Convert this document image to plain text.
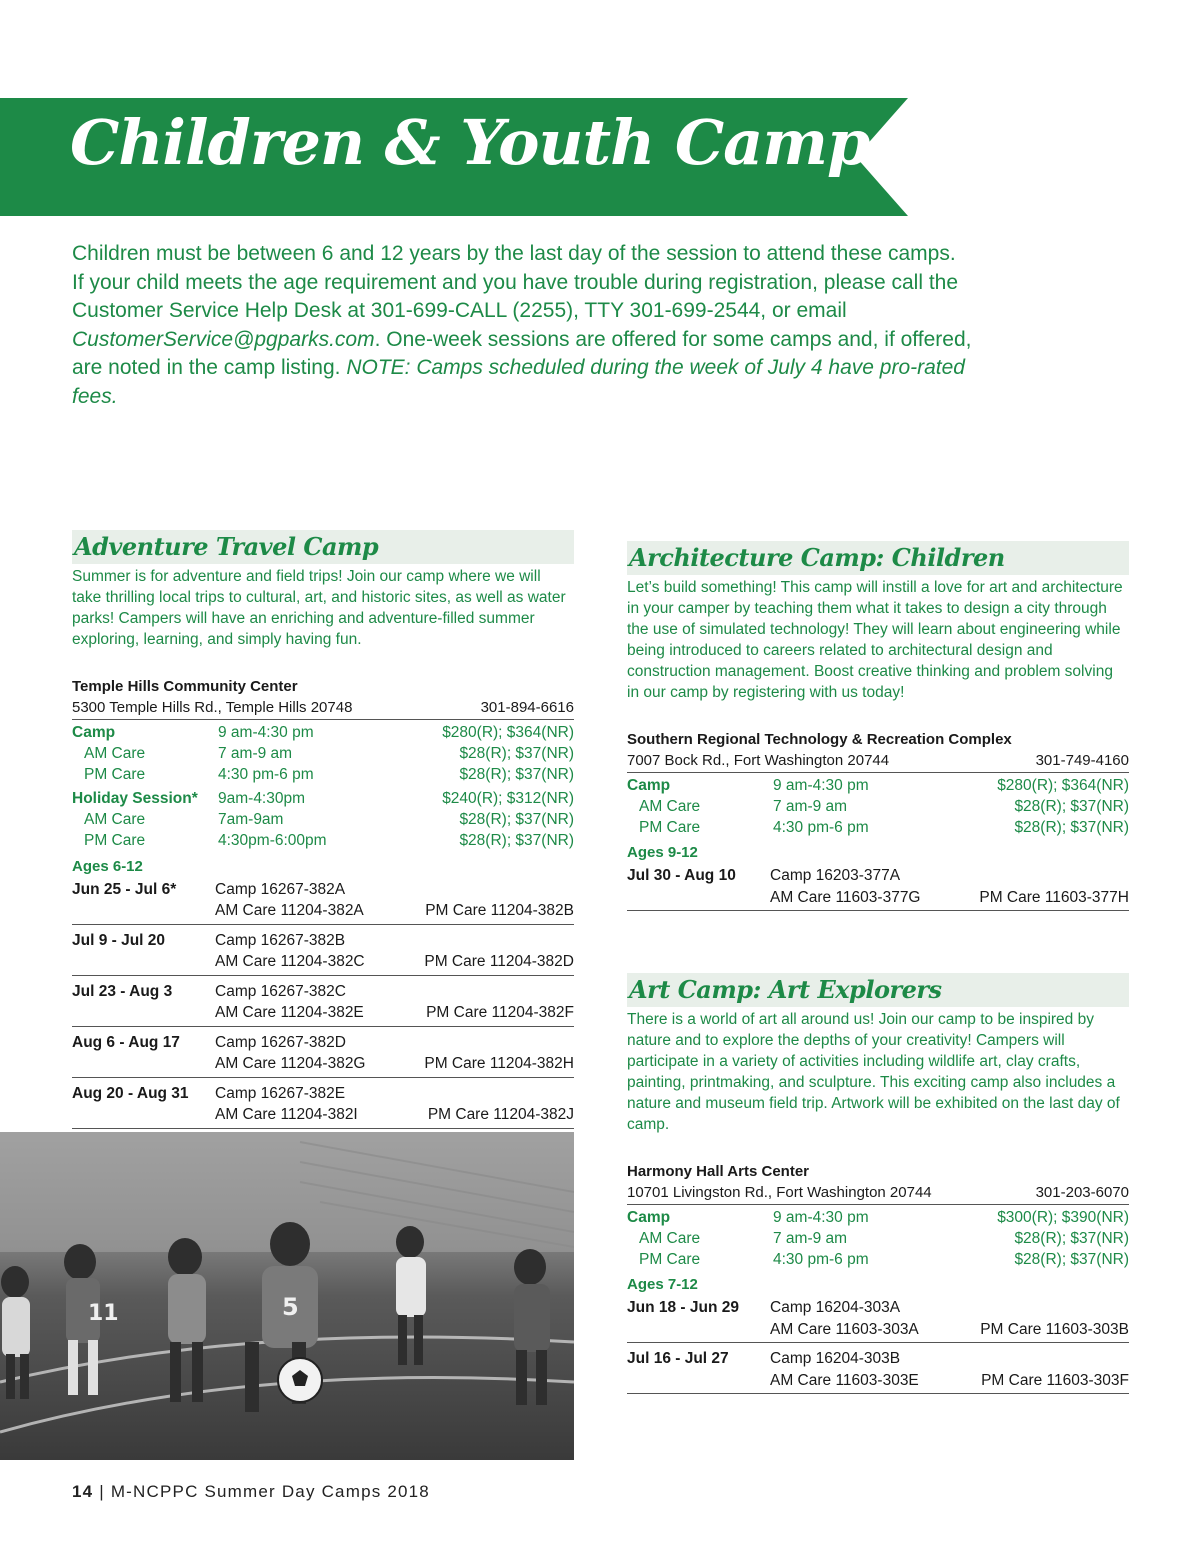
Children & Youth Camps
Children must be between 6 and 12 years by the last day of the session to attend these camps. If your child meets the age requirement and you have trouble during registration, please call the Customer Service Help Desk at 301-699-CALL (2255), TTY 301-699-2544, or email CustomerService@pgparks.com. One-week sessions are offered for some camps and, if offered, are noted in the camp listing. NOTE: Camps scheduled during the week of July 4 have pro-rated fees.
Adventure Travel Camp
Summer is for adventure and field trips! Join our camp where we will take thrilling local trips to cultural, art, and historic sites, as well as water parks! Campers will have an enriching and adventure-filled summer exploring, learning, and simply having fun.
Temple Hills Community Center
5300 Temple Hills Rd., Temple Hills 20748	301-894-6616
Camp	9 am-4:30 pm	$280(R); $364(NR)
AM Care	7 am-9 am	$28(R); $37(NR)
PM Care	4:30 pm-6 pm	$28(R); $37(NR)
Holiday Session*	9am-4:30pm	$240(R); $312(NR)
AM Care	7am-9am	$28(R); $37(NR)
PM Care	4:30pm-6:00pm	$28(R); $37(NR)
Ages 6-12
Jun 25 - Jul 6*	Camp 16267-382A
AM Care 11204-382A	PM Care 11204-382B
Jul 9 - Jul 20	Camp 16267-382B
AM Care 11204-382C	PM Care 11204-382D
Jul 23 - Aug 3	Camp 16267-382C
AM Care 11204-382E	PM Care 11204-382F
Aug 6 - Aug 17	Camp 16267-382D
AM Care 11204-382G	PM Care 11204-382H
Aug 20 - Aug 31	Camp 16267-382E
AM Care 11204-382I	PM Care 11204-382J
Architecture Camp: Children
Let’s build something! This camp will instill a love for art and architecture in your camper by teaching them what it takes to design a city through the use of simulated technology! They will learn about engineering while being introduced to careers related to architectural design and construction management. Boost creative thinking and problem solving in our camp by registering with us today!
Southern Regional Technology & Recreation Complex
7007 Bock Rd., Fort Washington 20744	301-749-4160
Camp	9 am-4:30 pm	$280(R); $364(NR)
AM Care	7 am-9 am	$28(R); $37(NR)
PM Care	4:30 pm-6 pm	$28(R); $37(NR)
Ages 9-12
Jul 30 - Aug 10	Camp 16203-377A
AM Care 11603-377G	PM Care 11603-377H
Art Camp: Art Explorers
There is a world of art all around us! Join our camp to be inspired by nature and to explore the depths of your creativity! Campers will participate in a variety of activities including wildlife art, clay crafts, painting, printmaking, and sculpture. This exciting camp also includes a nature and museum field trip. Artwork will be exhibited on the last day of camp.
Harmony Hall Arts Center
10701 Livingston Rd., Fort Washington 20744	301-203-6070
Camp	9 am-4:30 pm	$300(R); $390(NR)
AM Care	7 am-9 am	$28(R); $37(NR)
PM Care	4:30 pm-6 pm	$28(R); $37(NR)
Ages 7-12
Jun 18 - Jun 29	Camp 16204-303A
AM Care 11603-303A	PM Care 11603-303B
Jul 16 - Jul 27	Camp 16204-303B
AM Care 11603-303E	PM Care 11603-303F
11	5
14 | M-NCPPC Summer Day Camps 2018
